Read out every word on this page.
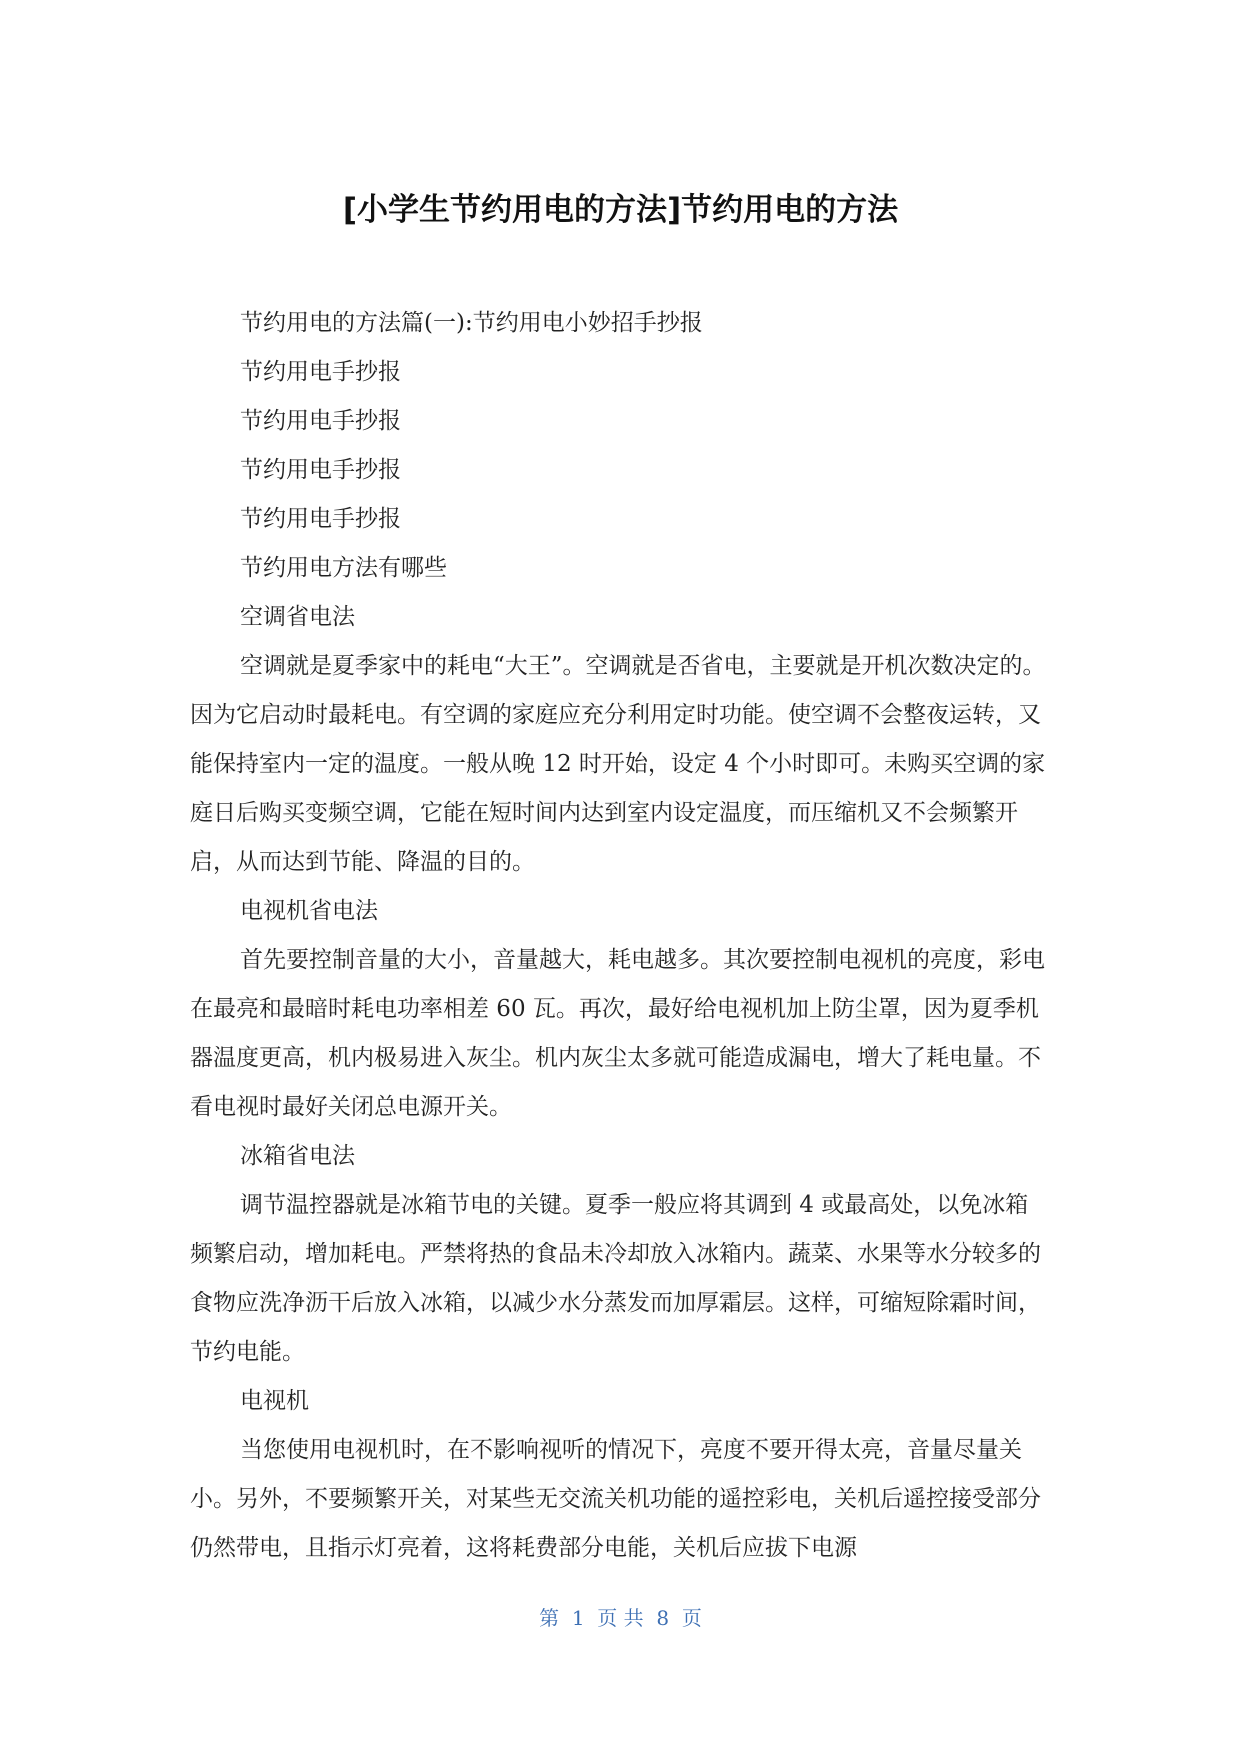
[小学生节约用电的方法]节约用电的方法

节约用电的方法篇(一):节约用电小妙招手抄报

节约用电手抄报

节约用电手抄报

节约用电手抄报

节约用电手抄报

节约用电方法有哪些

空调省电法

空调就是夏季家中的耗电“大王”。空调就是否省电，主要就是开机次数决定的。因为它启动时最耗电。有空调的家庭应充分利用定时功能。使空调不会整夜运转，又能保持室内一定的温度。一般从晚 12 时开始，设定 4 个小时即可。未购买空调的家庭日后购买变频空调，它能在短时间内达到室内设定温度，而压缩机又不会频繁开启，从而达到节能、降温的目的。

电视机省电法

首先要控制音量的大小，音量越大，耗电越多。其次要控制电视机的亮度，彩电在最亮和最暗时耗电功率相差 60 瓦。再次，最好给电视机加上防尘罩，因为夏季机器温度更高，机内极易进入灰尘。机内灰尘太多就可能造成漏电，增大了耗电量。不看电视时最好关闭总电源开关。

冰箱省电法

调节温控器就是冰箱节电的关键。夏季一般应将其调到 4 或最高处，以免冰箱频繁启动，增加耗电。严禁将热的食品未冷却放入冰箱内。蔬菜、水果等水分较多的食物应洗净沥干后放入冰箱，以减少水分蒸发而加厚霜层。这样，可缩短除霜时间，节约电能。

电视机

当您使用电视机时，在不影响视听的情况下，亮度不要开得太亮，音量尽量关小。另外，不要频繁开关，对某些无交流关机功能的遥控彩电，关机后遥控接受部分仍然带电，且指示灯亮着，这将耗费部分电能，关机后应拔下电源

第  1  页 共  8  页
